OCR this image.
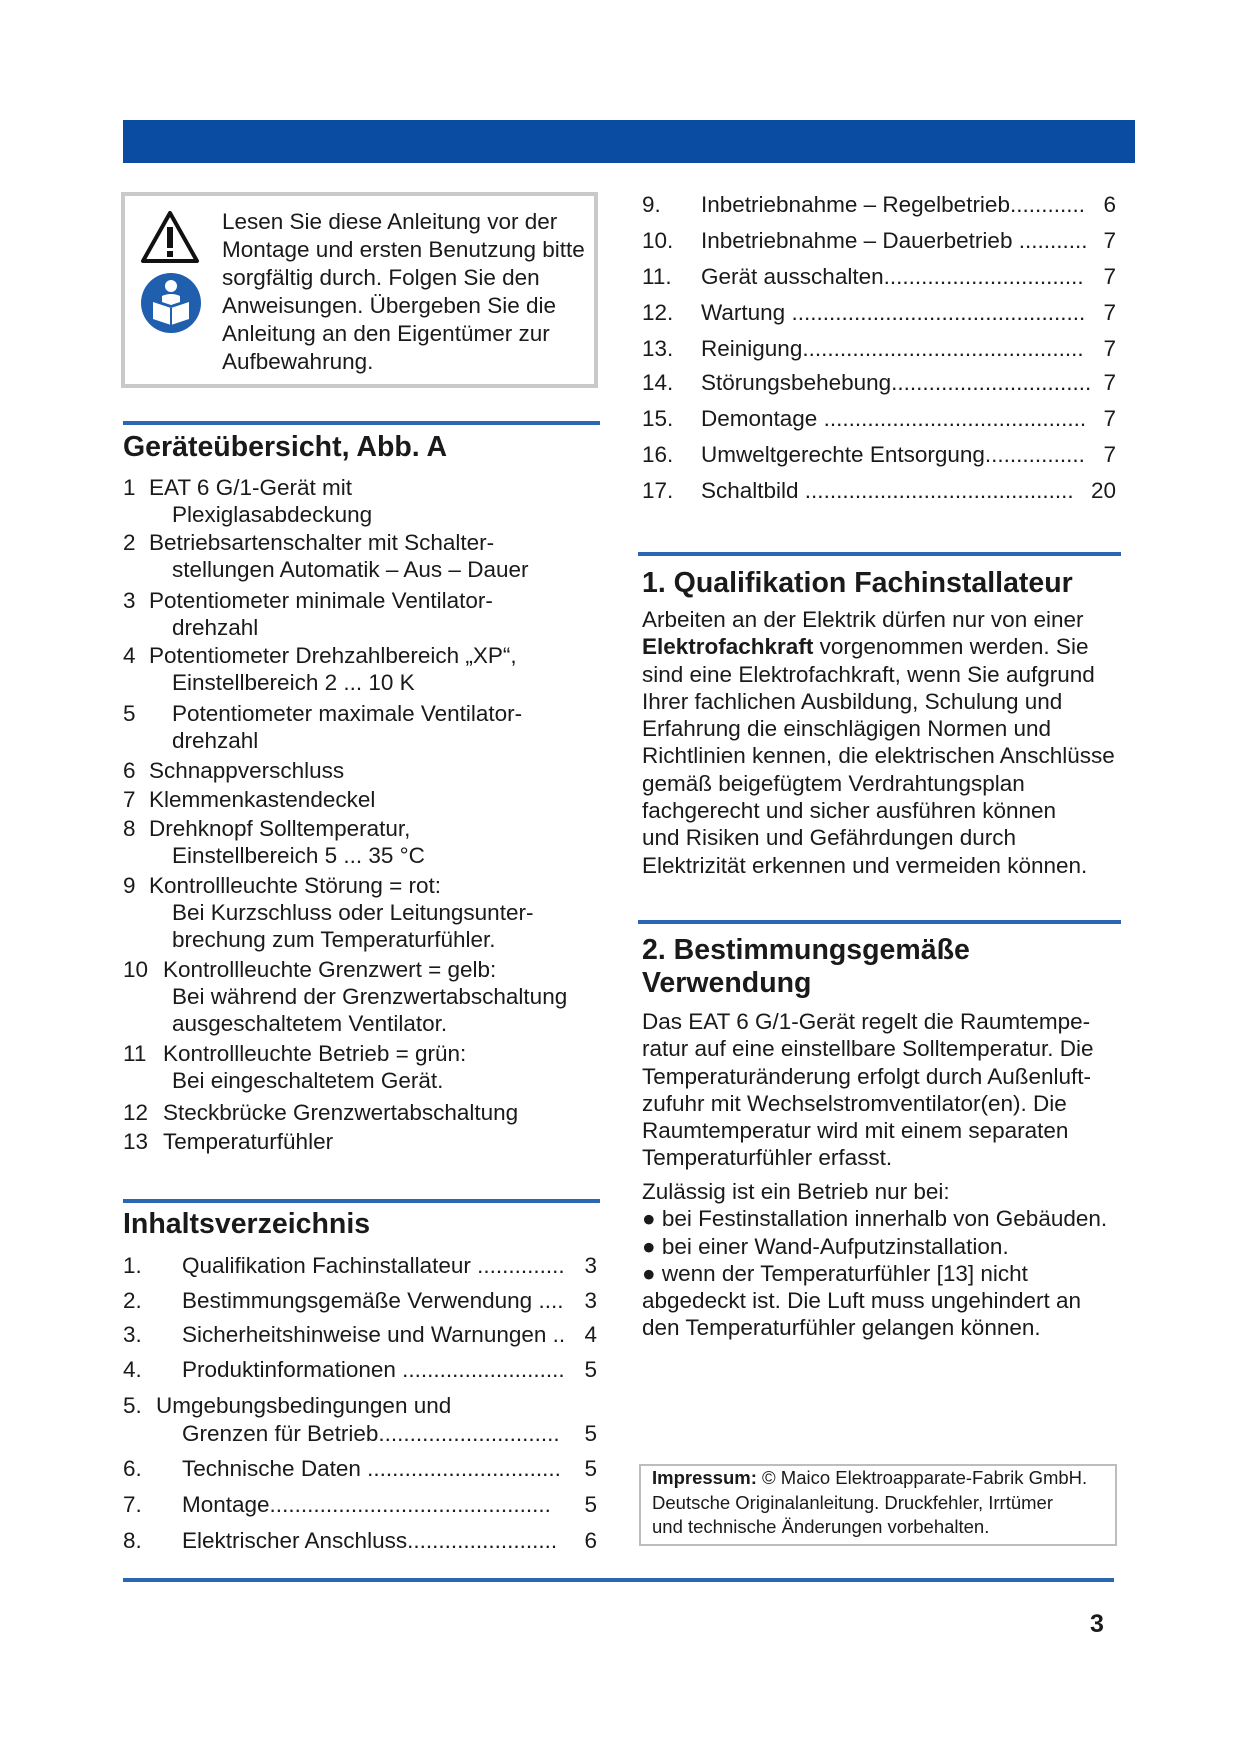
Lesen Sie diese Anleitung vor der
Montage und ersten Benutzung bitte
sorgfältig durch. Folgen Sie den
Anweisungen. Übergeben Sie die
Anleitung an den Eigentümer zur
Aufbewahrung.
Geräteübersicht, Abb. A
1 EAT 6 G/1-Gerät mit
Plexiglasabdeckung
2 Betriebsartenschalter mit Schalter-
stellungen Automatik – Aus – Dauer
3 Potentiometer minimale Ventilator-
drehzahl
4 Potentiometer Drehzahlbereich „XP“,
Einstellbereich 2 ... 10 K
5 Potentiometer maximale Ventilator-
drehzahl
6 Schnappverschluss
7 Klemmenkastendeckel
8 Drehknopf Solltemperatur,
Einstellbereich 5 ... 35 °C
9 Kontrollleuchte Störung = rot:
Bei Kurzschluss oder Leitungsunter-
brechung zum Temperaturfühler.
10 Kontrollleuchte Grenzwert = gelb:
Bei während der Grenzwertabschaltung
ausgeschaltetem Ventilator.
11 Kontrollleuchte Betrieb = grün:
Bei eingeschaltetem Gerät.
12 Steckbrücke Grenzwertabschaltung
13 Temperaturfühler
Inhaltsverzeichnis
1. Qualifikation Fachinstallateur .............. 3
2. Bestimmungsgemäße Verwendung .... 3
3. Sicherheitshinweise und Warnungen .. 4
4. Produktinformationen .......................... 5
5. Umgebungsbedingungen und
Grenzen für Betrieb............................. 5
6. Technische Daten ............................... 5
7. Montage............................................. 5
8. Elektrischer Anschluss........................ 6
9. Inbetriebnahme – Regelbetrieb............ 6
10. Inbetriebnahme – Dauerbetrieb ........... 7
11. Gerät ausschalten................................ 7
12. Wartung ............................................... 7
13. Reinigung............................................. 7
14. Störungsbehebung................................ 7
15. Demontage .......................................... 7
16. Umweltgerechte Entsorgung................ 7
17. Schaltbild ........................................... 20
1. Qualifikation Fachinstallateur
Arbeiten an der Elektrik dürfen nur von einer
Elektrofachkraft vorgenommen werden. Sie
sind eine Elektrofachkraft, wenn Sie aufgrund
Ihrer fachlichen Ausbildung, Schulung und
Erfahrung die einschlägigen Normen und
Richtlinien kennen, die elektrischen Anschlüsse
gemäß beigefügtem Verdrahtungsplan
fachgerecht und sicher ausführen können
und Risiken und Gefährdungen durch
Elektrizität erkennen und vermeiden können.
2. Bestimmungsgemäße
Verwendung
Das EAT 6 G/1-Gerät regelt die Raumtempe-
ratur auf eine einstellbare Solltemperatur. Die
Temperaturänderung erfolgt durch Außenluft-
zufuhr mit Wechselstromventilator(en). Die
Raumtemperatur wird mit einem separaten
Temperaturfühler erfasst.
Zulässig ist ein Betrieb nur bei:
● bei Festinstallation innerhalb von Gebäuden.
● bei einer Wand-Aufputzinstallation.
● wenn der Temperaturfühler [13] nicht
abgedeckt ist. Die Luft muss ungehindert an
den Temperaturfühler gelangen können.
Impressum: © Maico Elektroapparate-Fabrik GmbH.
Deutsche Originalanleitung. Druckfehler, Irrtümer
und technische Änderungen vorbehalten.
3
